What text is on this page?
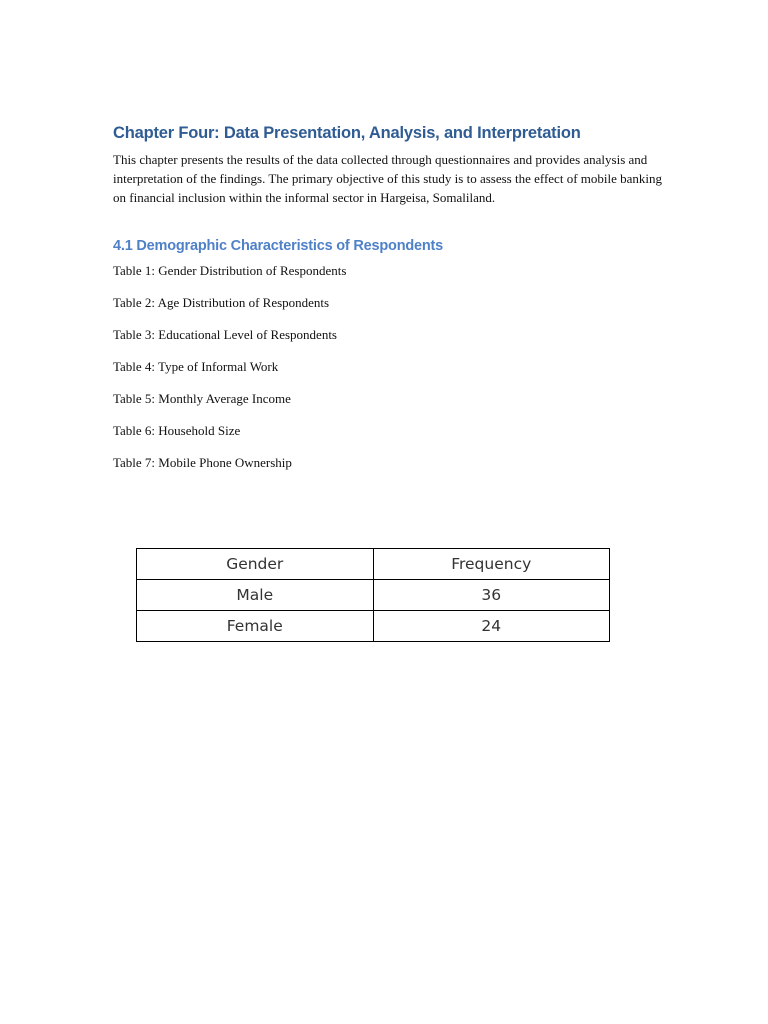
Chapter Four: Data Presentation, Analysis, and Interpretation

This chapter presents the results of the data collected through questionnaires and provides analysis and interpretation of the findings. The primary objective of this study is to assess the effect of mobile banking on financial inclusion within the informal sector in Hargeisa, Somaliland.

4.1 Demographic Characteristics of Respondents
Table 1: Gender Distribution of Respondents
Table 2: Age Distribution of Respondents
Table 3: Educational Level of Respondents
Table 4: Type of Informal Work
Table 5: Monthly Average Income
Table 6: Household Size
Table 7: Mobile Phone Ownership
Gender	Frequency
Male	36
Female	24
